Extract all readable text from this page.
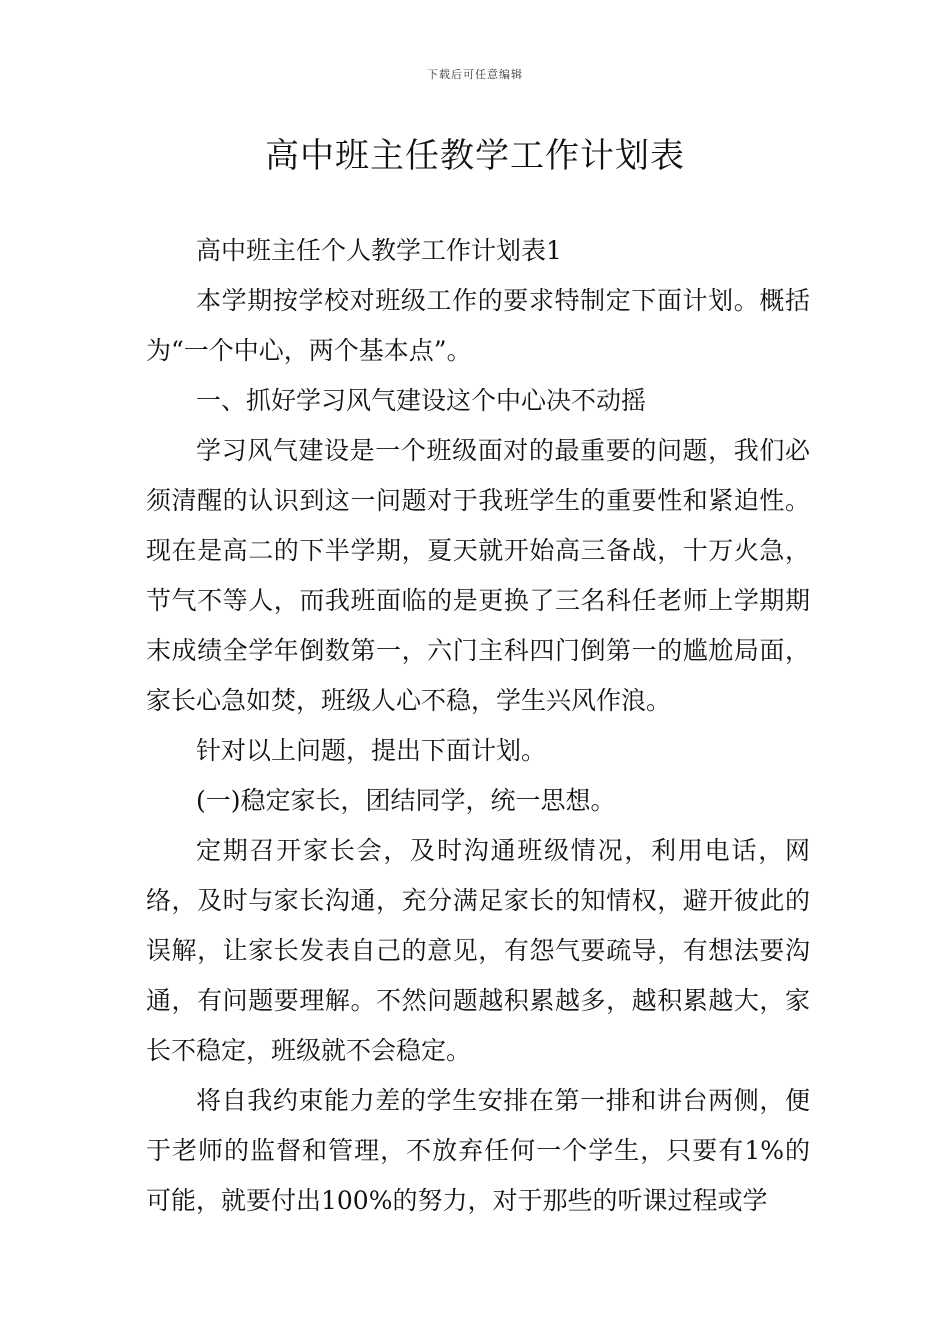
下载后可任意编辑
高中班主任教学工作计划表

高中班主任个人教学工作计划表1

本学期按学校对班级工作的要求特制定下面计划。概括为“一个中心，两个基本点”。

一、抓好学习风气建设这个中心决不动摇

学习风气建设是一个班级面对的最重要的问题，我们必须清醒的认识到这一问题对于我班学生的重要性和紧迫性。现在是高二的下半学期，夏天就开始高三备战，十万火急，节气不等人，而我班面临的是更换了三名科任老师上学期期末成绩全学年倒数第一，六门主科四门倒第一的尴尬局面，家长心急如焚，班级人心不稳，学生兴风作浪。

针对以上问题，提出下面计划。

(一)稳定家长，团结同学，统一思想。

定期召开家长会，及时沟通班级情况，利用电话，网络，及时与家长沟通，充分满足家长的知情权，避开彼此的误解，让家长发表自己的意见，有怨气要疏导，有想法要沟通，有问题要理解。不然问题越积累越多，越积累越大，家长不稳定，班级就不会稳定。

将自我约束能力差的学生安排在第一排和讲台两侧，便于老师的监督和管理，不放弃任何一个学生，只要有1%的可能，就要付出100%的努力，对于那些的听课过程或学
